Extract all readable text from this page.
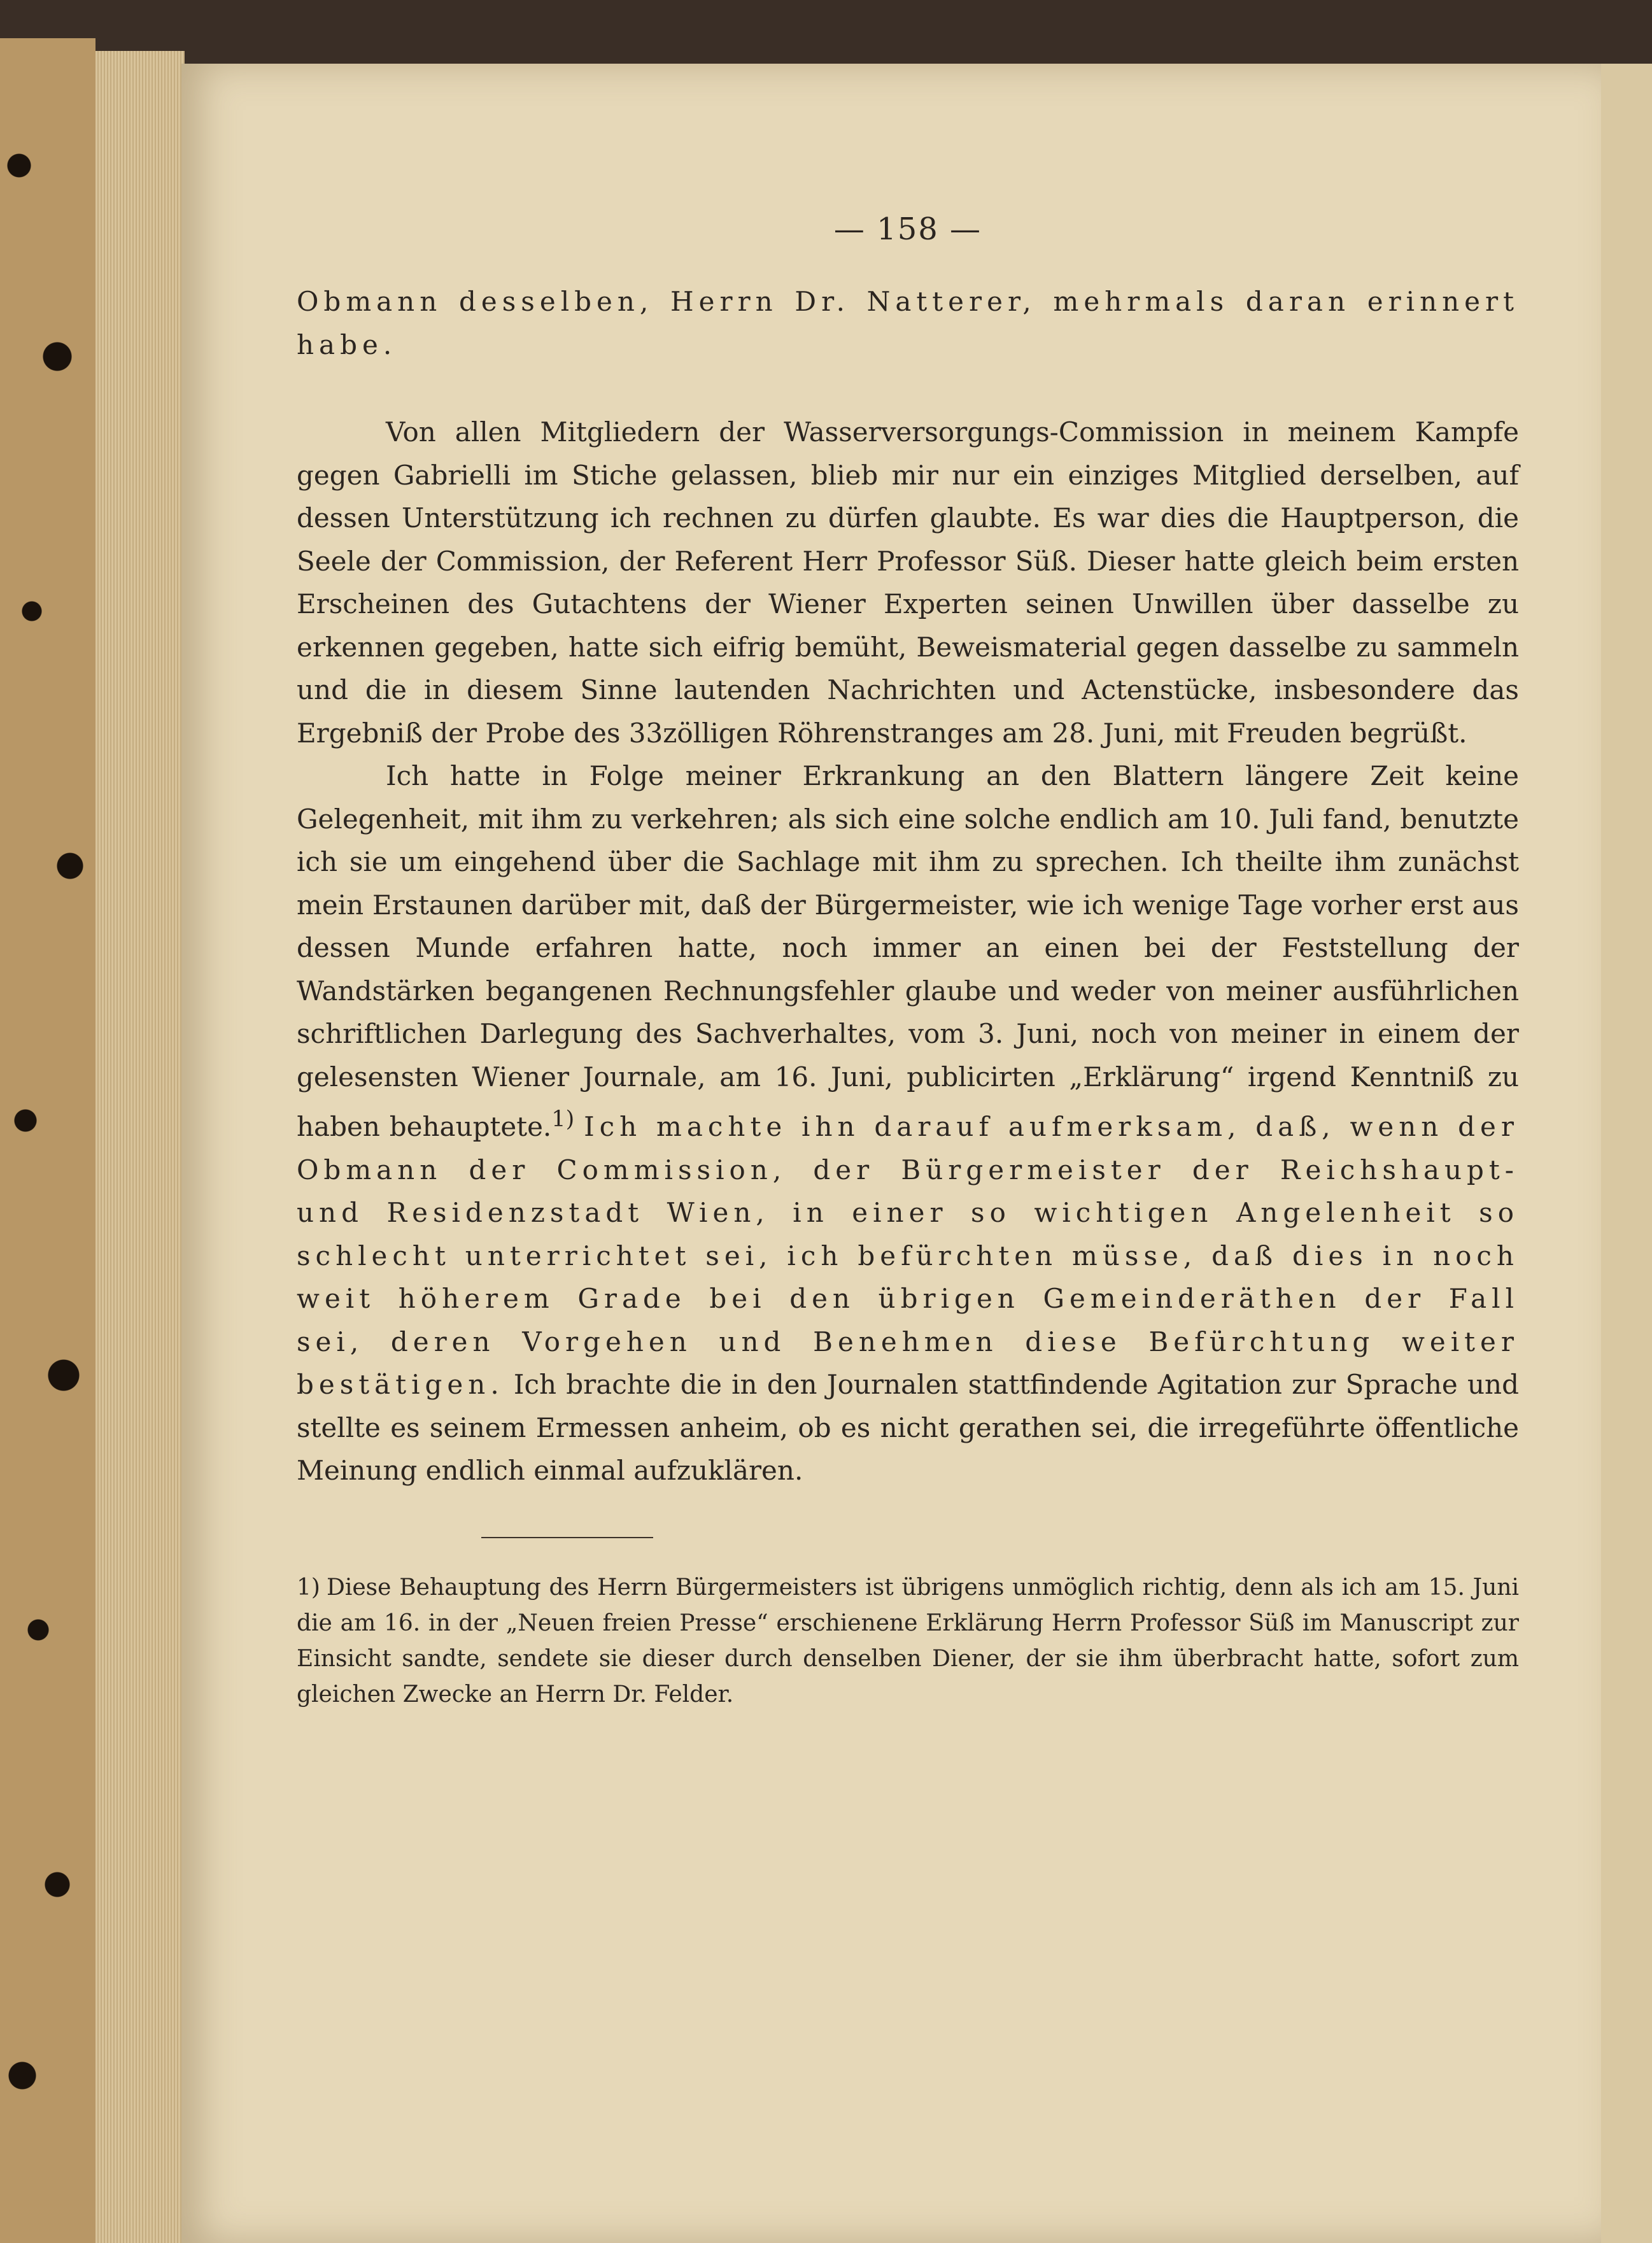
— 158 —

Obmann desselben, Herrn Dr. Natterer, mehrmals daran erinnert habe.

Von allen Mitgliedern der Wasserversorgungs-Commission in meinem Kampfe gegen Gabrielli im Stiche gelassen, blieb mir nur ein einziges Mitglied derselben, auf dessen Unterstützung ich rechnen zu dürfen glaubte. Es war dies die Hauptperson, die Seele der Commission, der Referent Herr Professor Süß. Dieser hatte gleich beim ersten Erscheinen des Gutachtens der Wiener Experten seinen Unwillen über dasselbe zu erkennen gegeben, hatte sich eifrig bemüht, Beweismaterial gegen dasselbe zu sammeln und die in diesem Sinne lautenden Nachrichten und Actenstücke, insbesondere das Ergebniß der Probe des 33zölligen Röhrenstranges am 28. Juni, mit Freuden begrüßt.

Ich hatte in Folge meiner Erkrankung an den Blattern längere Zeit keine Gelegenheit, mit ihm zu verkehren; als sich eine solche endlich am 10. Juli fand, benutzte ich sie um eingehend über die Sachlage mit ihm zu sprechen. Ich theilte ihm zunächst mein Erstaunen darüber mit, daß der Bürgermeister, wie ich wenige Tage vorher erst aus dessen Munde erfahren hatte, noch immer an einen bei der Feststellung der Wandstärken begangenen Rechnungsfehler glaube und weder von meiner ausführlichen schriftlichen Darlegung des Sachverhaltes, vom 3. Juni, noch von meiner in einem der gelesensten Wiener Journale, am 16. Juni, publicirten „Erklärung“ irgend Kenntniß zu haben behauptete.$^{1)}$ Ich machte ihn darauf aufmerksam, daß, wenn der Obmann der Commission, der Bürgermeister der Reichshaupt- und Residenzstadt Wien, in einer so wichtigen Angelenheit so schlecht unterrichtet sei, ich befürchten müsse, daß dies in noch weit höherem Grade bei den übrigen Gemeinderäthen der Fall sei, deren Vorgehen und Benehmen diese Befürchtung weiter bestätigen. Ich brachte die in den Journalen stattfindende Agitation zur Sprache und stellte es seinem Ermessen anheim, ob es nicht gerathen sei, die irregeführte öffentliche Meinung endlich einmal aufzuklären.

1) Diese Behauptung des Herrn Bürgermeisters ist übrigens unmöglich richtig, denn als ich am 15. Juni die am 16. in der „Neuen freien Presse“ erschienene Erklärung Herrn Professor Süß im Manuscript zur Einsicht sandte, sendete sie dieser durch denselben Diener, der sie ihm überbracht hatte, sofort zum gleichen Zwecke an Herrn Dr. Felder.
